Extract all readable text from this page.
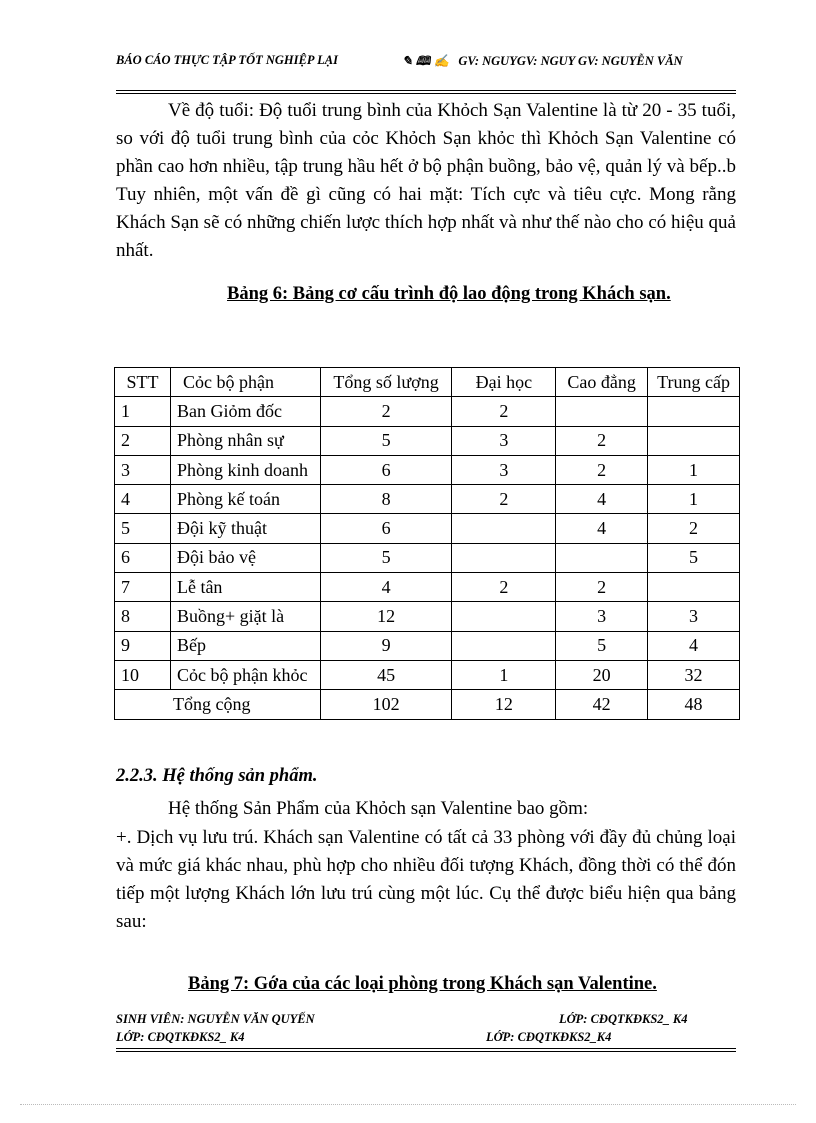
BÁO CÁO THỰC TẬP TỐT NGHIỆP LẠI	✎ 🕮 ✍ GV: NGUYGV: NGUY GV: NGUYỄN VĂN

Về độ tuổi: Độ tuổi trung bình của Khỏch Sạn Valentine là từ 20 - 35 tuổi, so với độ tuổi trung bình của cỏc Khỏch Sạn khỏc thì Khỏch Sạn Valentine có phần cao hơn nhiều, tập trung hầu hết ở bộ phận buồng, bảo vệ, quản lý và bếp..b Tuy nhiên, một vấn đề gì cũng có hai mặt: Tích cực và tiêu cực. Mong rằng Khách Sạn sẽ có những chiến lược thích hợp nhất và như thế nào cho có hiệu quả nhất.

Bảng 6: Bảng cơ cấu trình độ lao động trong Khách sạn.
STT	Cỏc bộ phận	Tổng số lượng	Đại học	Cao đẳng	Trung cấp
1	Ban Giỏm đốc	2	2		
2	Phòng nhân sự	5	3	2	
3	Phòng kinh doanh	6	3	2	1
4	Phòng kế toán	8	2	4	1
5	Đội kỹ thuật	6		4	2
6	Đội bảo vệ	5			5
7	Lễ tân	4	2	2	
8	Buồng+ giặt là	12		3	3
9	Bếp	9		5	4
10	Cỏc bộ phận khỏc	45	1	20	32
Tổng cộng		102	12	42	48
2.2.3. Hệ thống sản phẩm.

Hệ thống Sản Phẩm của Khỏch sạn Valentine bao gồm:

+. Dịch vụ lưu trú. Khách sạn Valentine có tất cả 33 phòng với đầy đủ chủng loại và mức giá khác nhau, phù hợp cho nhiều đối tượng Khách, đồng thời có thể đón tiếp một lượng Khách lớn lưu trú cùng một lúc. Cụ thể được biểu hiện qua bảng sau:

Bảng 7: Gớa của các loại phòng trong Khách sạn Valentine.
SINH VIÊN: NGUYỄN VĂN QUYẾN	LỚP: CĐQTKĐKS2_ K4
LỚP: CĐQTKĐKS2_ K4	LỚP: CĐQTKĐKS2_K4
